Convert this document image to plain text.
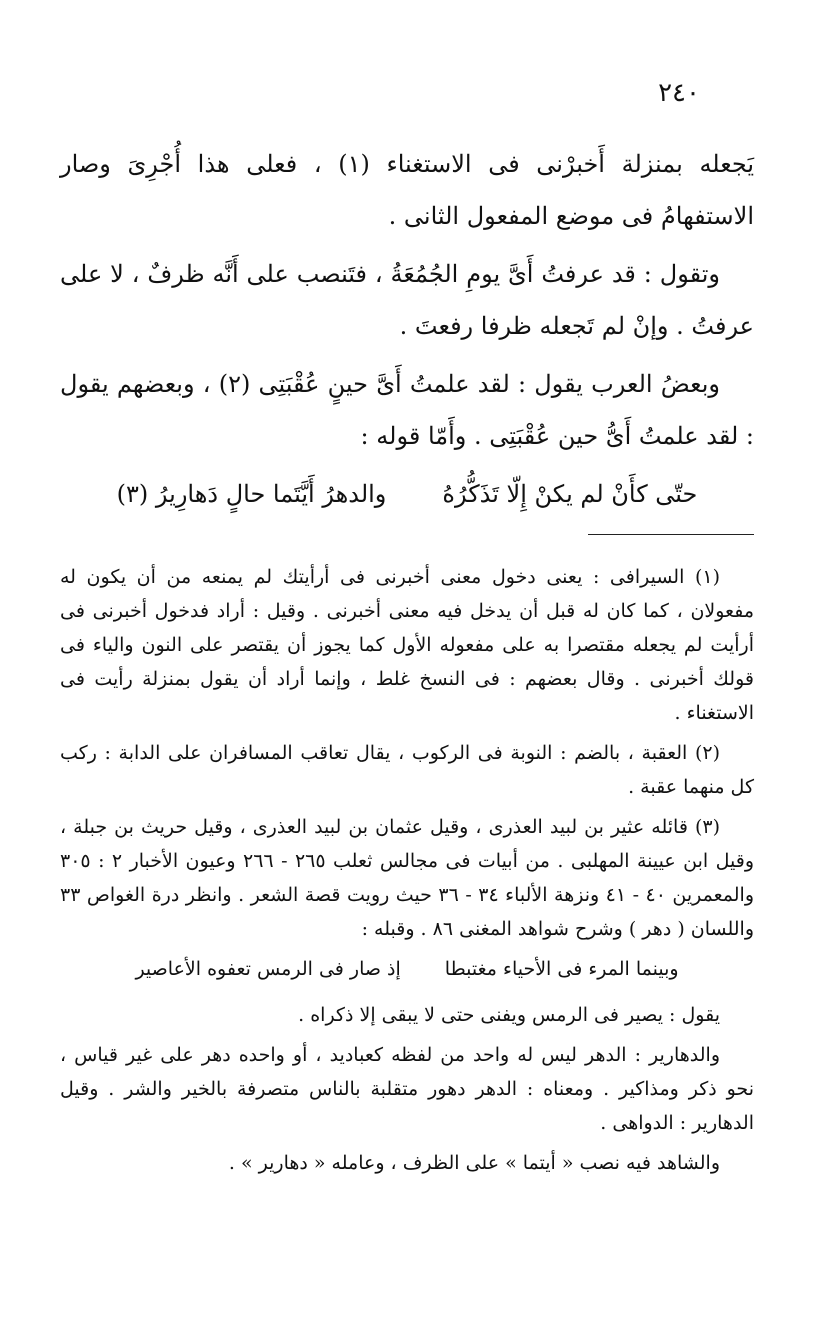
٢٤٠

يَجعله بمنزلة أَخبرْنى فى الاستغناء (١) ، فعلى هذا أُجْرِىَ وصار الاستفهامُ فى موضع المفعول الثانى .

وتقول : قد عرفتُ أَىَّ يومِ الجُمُعَةُ ، فتَنصب على أَنَّه ظرفٌ ، لا على عرفتُ . وإنْ لم تَجعله ظرفا رفعتَ .

وبعضُ العرب يقول : لقد علمتُ أَىَّ حينٍ عُقْبَتِى (٢) ، وبعضهم يقول : لقد علمتُ أَىُّ حين عُقْبَتِى . وأَمّا قوله :

حتّى كأَنْ لم يكنْ إِلّا تَذَكُّرُهُ
والدهرُ أَيَّتَما حالٍ دَهارِيرُ (٣)

(١) السيرافى : يعنى دخول معنى أخبرنى فى أرأيتك لم يمنعه من أن يكون له مفعولان ، كما كان له قبل أن يدخل فيه معنى أخبرنى . وقيل : أراد فدخول أخبرنى فى أرأيت لم يجعله مقتصرا به على مفعوله الأول كما يجوز أن يقتصر على النون والياء فى قولك أخبرنى . وقال بعضهم : فى النسخ غلط ، وإنما أراد أن يقول بمنزلة رأيت فى الاستغناء .

(٢) العقبة ، بالضم : النوبة فى الركوب ، يقال تعاقب المسافران على الدابة : ركب كل منهما عقبة .

(٣) قائله عثير بن لبيد العذرى ، وقيل عثمان بن لبيد العذرى ، وقيل حريث بن جبلة ، وقيل ابن عيينة المهلبى . من أبيات فى مجالس ثعلب ٢٦٥ - ٢٦٦ وعيون الأخبار ٢ : ٣٠٥ والمعمرين ٤٠ - ٤١ ونزهة الألباء ٣٤ - ٣٦ حيث رويت قصة الشعر . وانظر درة الغواص ٣٣ واللسان ( دهر ) وشرح شواهد المغنى ٨٦ . وقبله :

وبينما المرء فى الأحياء مغتبطا
إذ صار فى الرمس تعفوه الأعاصير

يقول : يصير فى الرمس ويفنى حتى لا يبقى إلا ذكراه .

والدهارير : الدهر ليس له واحد من لفظه كعباديد ، أو واحده دهر على غير قياس ، نحو ذكر ومذاكير . ومعناه : الدهر دهور متقلبة بالناس متصرفة بالخير والشر . وقيل الدهارير : الدواهى .

والشاهد فيه نصب « أيتما » على الظرف ، وعامله « دهارير » .
